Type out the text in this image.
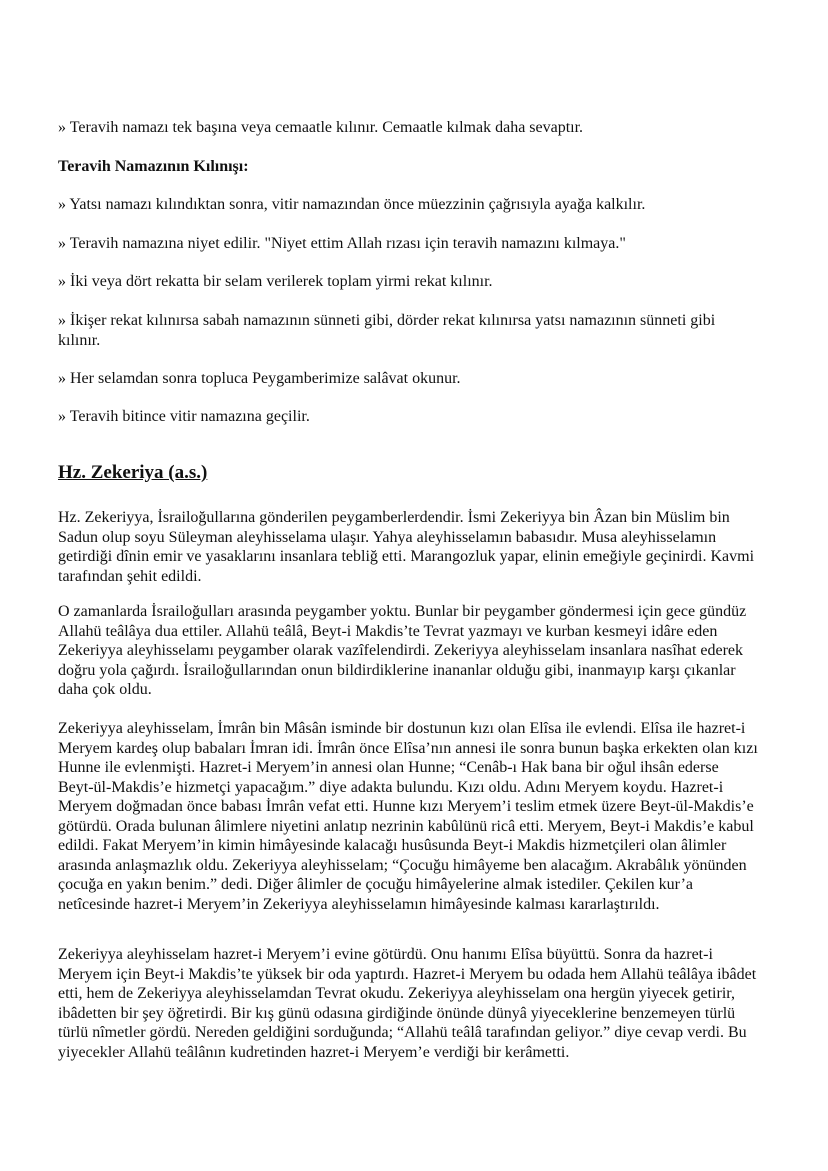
» Teravih namazı tek başına veya cemaatle kılınır. Cemaatle kılmak daha sevaptır.

Teravih Namazının Kılınışı:

» Yatsı namazı kılındıktan sonra, vitir namazından önce müezzinin çağrısıyla ayağa kalkılır.

» Teravih namazına niyet edilir. "Niyet ettim Allah rızası için teravih namazını kılmaya."

» İki veya dört rekatta bir selam verilerek toplam yirmi rekat kılınır.

» İkişer rekat kılınırsa sabah namazının sünneti gibi, dörder rekat kılınırsa yatsı namazının sünneti gibi kılınır.

» Her selamdan sonra topluca Peygamberimize salâvat okunur.

» Teravih bitince vitir namazına geçilir.

Hz. Zekeriya (a.s.)

Hz. Zekeriyya, İsrailoğullarına gönderilen peygamberlerdendir. İsmi Zekeriyya bin Âzan bin Müslim bin Sadun olup soyu Süleyman aleyhisselama ulaşır. Yahya aleyhisselamın babasıdır. Musa aleyhisselamın getirdiği dînin emir ve yasaklarını insanlara tebliğ etti. Marangozluk yapar, elinin emeğiyle geçinirdi. Kavmi tarafından şehit edildi.

O zamanlarda İsrailoğulları arasında peygamber yoktu. Bunlar bir peygamber göndermesi için gece gündüz Allahü teâlâya dua ettiler. Allahü teâlâ, Beyt-i Makdis’te Tevrat yazmayı ve kurban kesmeyi idâre eden Zekeriyya aleyhisselamı peygamber olarak vazîfelendirdi. Zekeriyya aleyhisselam insanlara nasîhat ederek doğru yola çağırdı. İsrailoğullarından onun bildirdiklerine inananlar olduğu gibi, inanmayıp karşı çıkanlar daha çok oldu.

Zekeriyya aleyhisselam, İmrân bin Mâsân isminde bir dostunun kızı olan Elîsa ile evlendi. Elîsa ile hazret-i Meryem kardeş olup babaları İmran idi. İmrân önce Elîsa’nın annesi ile sonra bunun başka erkekten olan kızı Hunne ile evlenmişti. Hazret-i Meryem’in annesi olan Hunne; “Cenâb-ı Hak bana bir oğul ihsân ederse Beyt-ül-Makdis’e hizmetçi yapacağım.” diye adakta bulundu. Kızı oldu. Adını Meryem koydu. Hazret-i Meryem doğmadan önce babası İmrân vefat etti. Hunne kızı Meryem’i teslim etmek üzere Beyt-ül-Makdis’e götürdü. Orada bulunan âlimlere niyetini anlatıp nezrinin kabûlünü ricâ etti. Meryem, Beyt-i Makdis’e kabul edildi. Fakat Meryem’in kimin himâyesinde kalacağı husûsunda Beyt-i Makdis hizmetçileri olan âlimler arasında anlaşmazlık oldu. Zekeriyya aleyhisselam; “Çocuğu himâyeme ben alacağım. Akrabâlık yönünden çocuğa en yakın benim.” dedi. Diğer âlimler de çocuğu himâyelerine almak istediler. Çekilen kur’a netîcesinde hazret-i Meryem’in Zekeriyya aleyhisselamın himâyesinde kalması kararlaştırıldı.

Zekeriyya aleyhisselam hazret-i Meryem’i evine götürdü. Onu hanımı Elîsa büyüttü. Sonra da hazret-i Meryem için Beyt-i Makdis’te yüksek bir oda yaptırdı. Hazret-i Meryem bu odada hem Allahü teâlâya ibâdet etti, hem de Zekeriyya aleyhisselamdan Tevrat okudu. Zekeriyya aleyhisselam ona hergün yiyecek getirir, ibâdetten bir şey öğretirdi. Bir kış günü odasına girdiğinde önünde dünyâ yiyeceklerine benzemeyen türlü türlü nîmetler gördü. Nereden geldiğini sorduğunda; “Allahü teâlâ tarafından geliyor.” diye cevap verdi. Bu yiyecekler Allahü teâlânın kudretinden hazret-i Meryem’e verdiği bir kerâmetti.
